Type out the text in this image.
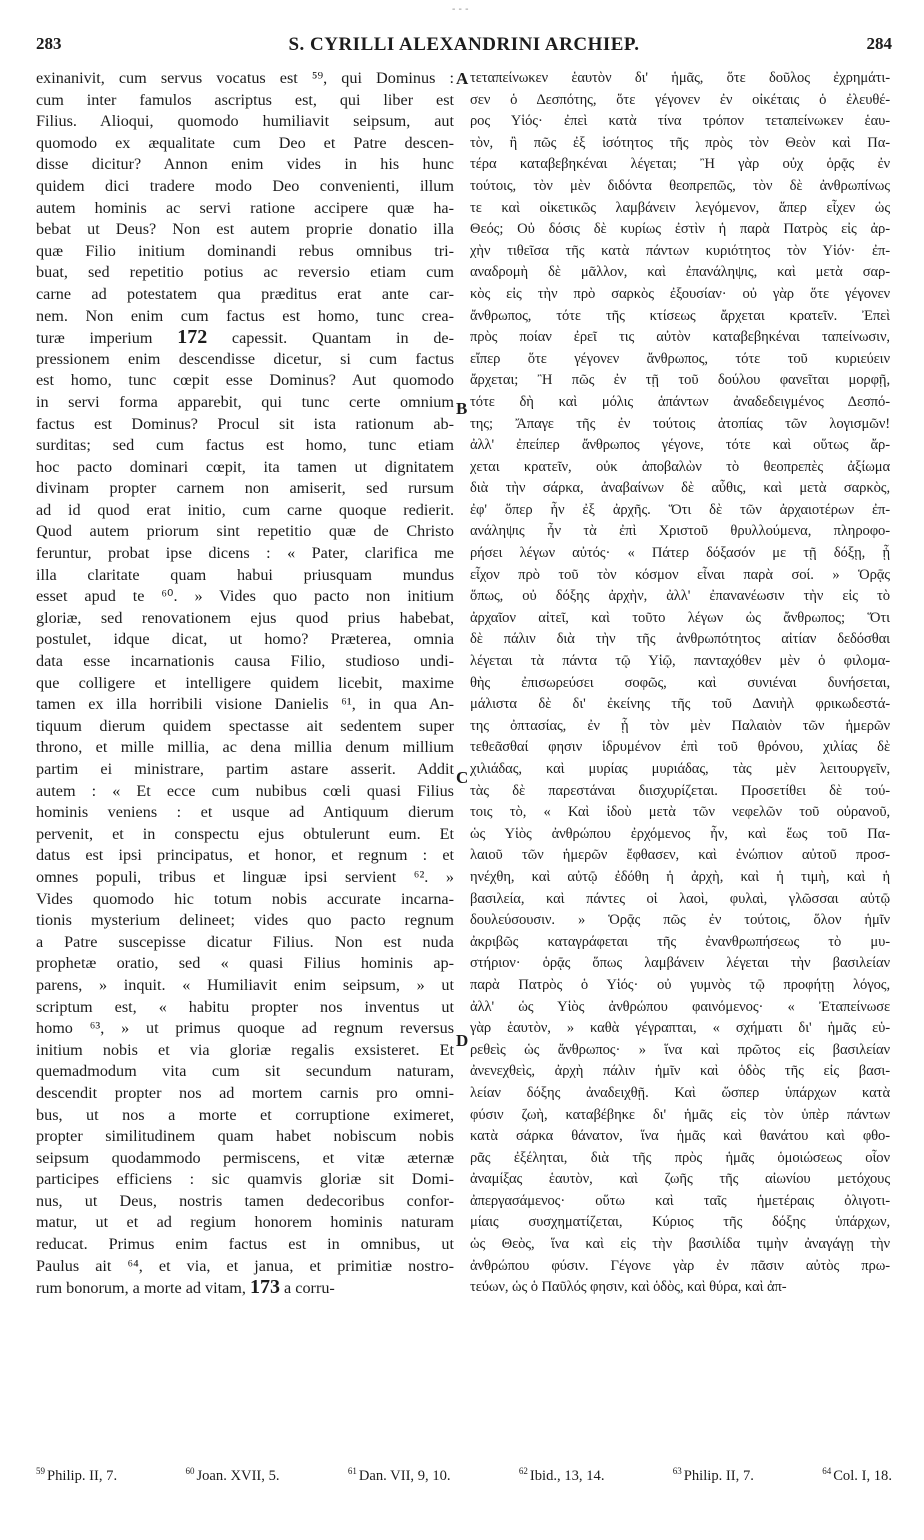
- - -
283	S. CYRILLI ALEXANDRINI ARCHIEP.	284
exinanivit, cum servus vocatus est ⁵⁹, qui Dominus :
cum inter famulos ascriptus est, qui liber est
Filius. Alioqui, quomodo humiliavit seipsum, aut
quomodo ex æqualitate cum Deo et Patre descen-
disse dicitur? Annon enim vides in his hunc
quidem dici tradere modo Deo convenienti, illum
autem hominis ac servi ratione accipere quæ ha-
bebat ut Deus? Non est autem proprie donatio illa
quæ Filio initium dominandi rebus omnibus tri-
buat, sed repetitio potius ac reversio etiam cum
carne ad potestatem qua præditus erat ante car-
nem. Non enim cum factus est homo, tunc crea-
turæ imperium 172 capessit. Quantam in de-
pressionem enim descendisse dicetur, si cum factus
est homo, tunc cœpit esse Dominus? Aut quomodo
in servi forma apparebit, qui tunc certe omnium
factus est Dominus? Procul sit ista rationum ab-
surditas; sed cum factus est homo, tunc etiam
hoc pacto dominari cœpit, ita tamen ut dignitatem
divinam propter carnem non amiserit, sed rursum
ad id quod erat initio, cum carne quoque redierit.
Quod autem priorum sint repetitio quæ de Christo
feruntur, probat ipse dicens : « Pater, clarifica me
illa claritate quam habui priusquam mundus
esset apud te ⁶⁰. » Vides quo pacto non initium
gloriæ, sed renovationem ejus quod prius habebat,
postulet, idque dicat, ut homo? Præterea, omnia
data esse incarnationis causa Filio, studioso undi-
que colligere et intelligere quidem licebit, maxime
tamen ex illa horribili visione Danielis ⁶¹, in qua An-
tiquum dierum quidem spectasse ait sedentem super
throno, et mille millia, ac dena millia denum millium
partim ei ministrare, partim astare asserit. Addit
autem : « Et ecce cum nubibus cœli quasi Filius
hominis veniens : et usque ad Antiquum dierum
pervenit, et in conspectu ejus obtulerunt eum. Et
datus est ipsi principatus, et honor, et regnum : et
omnes populi, tribus et linguæ ipsi servient ⁶². »
Vides quomodo hic totum nobis accurate incarna-
tionis mysterium delineet; vides quo pacto regnum
a Patre suscepisse dicatur Filius. Non est nuda
prophetæ oratio, sed « quasi Filius hominis ap-
parens, » inquit. « Humiliavit enim seipsum, » ut
scriptum est, « habitu propter nos inventus ut
homo ⁶³, » ut primus quoque ad regnum reversus
initium nobis et via gloriæ regalis exsisteret. Et
quemadmodum vita cum sit secundum naturam,
descendit propter nos ad mortem carnis pro omni-
bus, ut nos a morte et corruptione eximeret,
propter similitudinem quam habet nobiscum nobis
seipsum quodammodo permiscens, et vitæ æternæ
participes efficiens : sic quamvis gloriæ sit Domi-
nus, ut Deus, nostris tamen dedecoribus confor-
matur, ut et ad regium honorem hominis naturam
reducat. Primus enim factus est in omnibus, ut
Paulus ait ⁶⁴, et via, et janua, et primitiæ nostro-
rum bonorum, a morte ad vitam, 173 a corru-
τεταπείνωκεν ἑαυτὸν δι' ἡμᾶς, ὅτε δοῦλος ἐχρημάτι-
σεν ὁ Δεσπότης, ὅτε γέγονεν ἐν οἰκέταις ὁ ἐλευθέ-
ρος Υἱός· ἐπεὶ κατὰ τίνα τρόπον τεταπείνωκεν ἑαυ-
τὸν, ἢ πῶς ἐξ ἰσότητος τῆς πρὸς τὸν Θεὸν καὶ Πα-
τέρα καταβεβηκέναι λέγεται; Ἢ γὰρ οὐχ ὁρᾷς ἐν
τούτοις, τὸν μὲν διδόντα θεοπρεπῶς, τὸν δὲ ἀνθρωπίνως
τε καὶ οἰκετικῶς λαμβάνειν λεγόμενον, ἅπερ εἶχεν ὡς
Θεός; Οὐ δόσις δὲ κυρίως ἐστὶν ἡ παρὰ Πατρὸς εἰς ἀρ-
χὴν τιθεῖσα τῆς κατὰ πάντων κυριότητος τὸν Υἱόν· ἐπ-
αναδρομὴ δὲ μᾶλλον, καὶ ἐπανάληψις, καὶ μετὰ σαρ-
κὸς εἰς τὴν πρὸ σαρκὸς ἐξουσίαν· οὐ γὰρ ὅτε γέγονεν
ἄνθρωπος, τότε τῆς κτίσεως ἄρχεται κρατεῖν. Ἐπεὶ
πρὸς ποίαν ἐρεῖ τις αὐτὸν καταβεβηκέναι ταπείνωσιν,
εἴπερ ὅτε γέγονεν ἄνθρωπος, τότε τοῦ κυριεύειν
ἄρχεται; Ἢ πῶς ἐν τῇ τοῦ δούλου φανεῖται μορφῇ,
τότε δὴ καὶ μόλις ἁπάντων ἀναδεδειγμένος Δεσπό-
της; Ἄπαγε τῆς ἐν τούτοις ἀτοπίας τῶν λογισμῶν!
ἀλλ' ἐπείπερ ἄνθρωπος γέγονε, τότε καὶ οὕτως ἄρ-
χεται κρατεῖν, οὐκ ἀποβαλὼν τὸ θεοπρεπὲς ἀξίωμα
διὰ τὴν σάρκα, ἀναβαίνων δὲ αὖθις, καὶ μετὰ σαρκὸς,
ἐφ' ὅπερ ἦν ἐξ ἀρχῆς. Ὅτι δὲ τῶν ἀρχαιοτέρων ἐπ-
ανάληψις ἦν τὰ ἐπὶ Χριστοῦ θρυλλούμενα, πληροφο-
ρήσει λέγων αὐτός· « Πάτερ δόξασόν με τῇ δόξῃ, ᾗ
εἶχον πρὸ τοῦ τὸν κόσμον εἶναι παρὰ σοί. » Ὁρᾷς
ὅπως, οὐ δόξης ἀρχὴν, ἀλλ' ἐπανανέωσιν τὴν εἰς τὸ
ἀρχαῖον αἰτεῖ, καὶ τοῦτο λέγων ὡς ἄνθρωπος; Ὅτι
δὲ πάλιν διὰ τὴν τῆς ἀνθρωπότητος αἰτίαν δεδόσθαι
λέγεται τὰ πάντα τῷ Υἱῷ, πανταχόθεν μὲν ὁ φιλομα-
θὴς ἐπισωρεύσει σοφῶς, καὶ συνιέναι δυνήσεται,
μάλιστα δὲ δι' ἐκείνης τῆς τοῦ Δανιὴλ φρικωδεστά-
της ὀπτασίας, ἐν ᾗ τὸν μὲν Παλαιὸν τῶν ἡμερῶν
τεθεᾶσθαί φησιν ἱδρυμένον ἐπὶ τοῦ θρόνου, χιλίας δὲ
χιλιάδας, καὶ μυρίας μυριάδας, τὰς μὲν λειτουργεῖν,
τὰς δὲ παρεστάναι διισχυρίζεται. Προσετίθει δὲ τού-
τοις τὸ, « Καὶ ἰδοὺ μετὰ τῶν νεφελῶν τοῦ οὐρανοῦ,
ὡς Υἱὸς ἀνθρώπου ἐρχόμενος ἦν, καὶ ἕως τοῦ Πα-
λαιοῦ τῶν ἡμερῶν ἔφθασεν, καὶ ἐνώπιον αὐτοῦ προσ-
ηνέχθη, καὶ αὐτῷ ἐδόθη ἡ ἀρχὴ, καὶ ἡ τιμὴ, καὶ ἡ
βασιλεία, καὶ πάντες οἱ λαοὶ, φυλαὶ, γλῶσσαι αὐτῷ
δουλεύσουσιν. » Ὁρᾷς πῶς ἐν τούτοις, ὅλον ἡμῖν
ἀκριβῶς καταγράφεται τῆς ἐνανθρωπήσεως τὸ μυ-
στήριον· ὁρᾷς ὅπως λαμβάνειν λέγεται τὴν βασιλείαν
παρὰ Πατρὸς ὁ Υἱός· οὐ γυμνὸς τῷ προφήτῃ λόγος,
ἀλλ' ὡς Υἱὸς ἀνθρώπου φαινόμενος· « Ἐταπείνωσε
γὰρ ἑαυτὸν, » καθὰ γέγραπται, « σχήματι δι' ἡμᾶς εὑ-
ρεθεὶς ὡς ἄνθρωπος· » ἵνα καὶ πρῶτος εἰς βασιλείαν
ἀνενεχθεὶς, ἀρχὴ πάλιν ἡμῖν καὶ ὁδὸς τῆς εἰς βασι-
λείαν δόξης ἀναδειχθῇ. Καὶ ὥσπερ ὑπάρχων κατὰ
φύσιν ζωὴ, καταβέβηκε δι' ἡμᾶς εἰς τὸν ὑπὲρ πάντων
κατὰ σάρκα θάνατον, ἵνα ἡμᾶς καὶ θανάτου καὶ φθο-
ρᾶς ἐξέληται, διὰ τῆς πρὸς ἡμᾶς ὁμοιώσεως οἷον
ἀναμίξας ἑαυτὸν, καὶ ζωῆς τῆς αἰωνίου μετόχους
ἀπεργασάμενος· οὕτω καὶ ταῖς ἡμετέραις ὀλιγοτι-
μίαις συσχηματίζεται, Κύριος τῆς δόξης ὑπάρχων,
ὡς Θεὸς, ἵνα καὶ εἰς τὴν βασιλίδα τιμὴν ἀναγάγῃ τὴν
ἀνθρώπου φύσιν. Γέγονε γὰρ ἐν πᾶσιν αὐτὸς πρω-
τεύων, ὡς ὁ Παῦλός φησιν, καὶ ὁδὸς, καὶ θύρα, καὶ ἀπ-
A
B
C
D
$^{59}$ Philip. II, 7.	$^{60}$ Joan. XVII, 5.	$^{61}$ Dan. VII, 9, 10.	$^{62}$ Ibid., 13, 14.	$^{63}$ Philip. II, 7.	$^{64}$ Col. I, 18.
